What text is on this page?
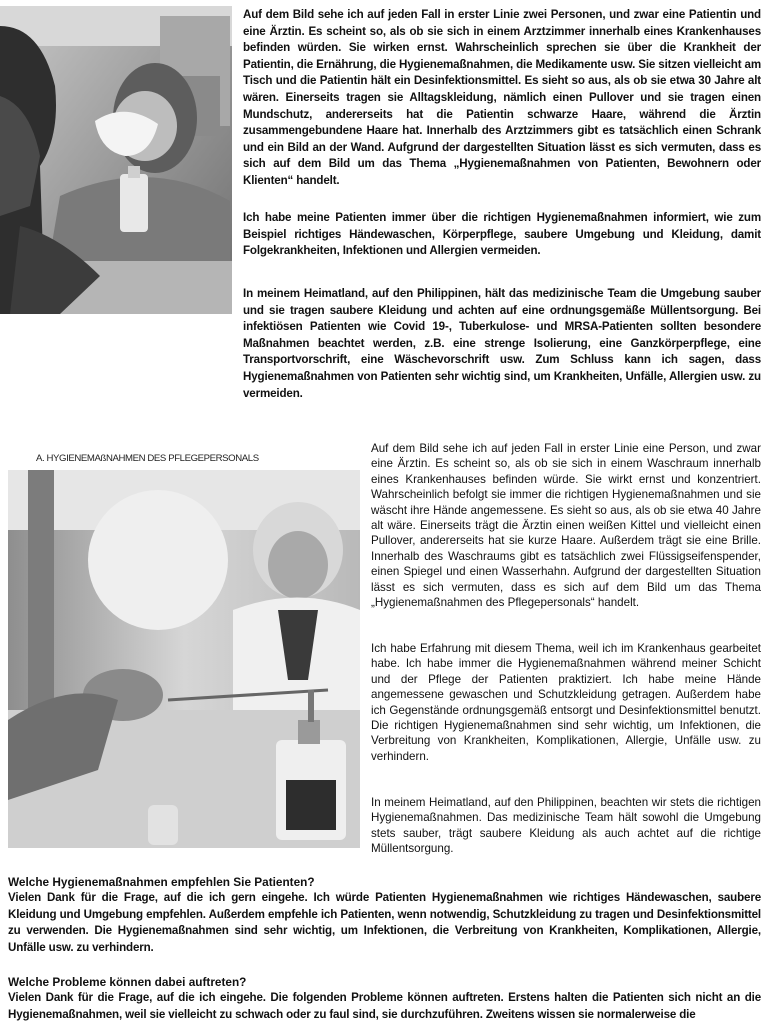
Auf dem Bild sehe ich auf jeden Fall in erster Linie zwei Personen, und zwar eine Patientin und eine Ärztin. Es scheint so, als ob sie sich in einem Arztzimmer innerhalb eines Krankenhauses befinden würden. Sie wirken ernst. Wahrscheinlich sprechen sie über die Krankheit der Patientin, die Ernährung, die Hygienemaßnahmen, die Medikamente usw. Sie sitzen vielleicht am Tisch und die Patientin hält ein Desinfektionsmittel. Es sieht so aus, als ob sie etwa 30 Jahre alt wären. Einerseits tragen sie Alltagskleidung, nämlich einen Pullover und sie tragen einen Mundschutz, andererseits hat die Patientin schwarze Haare, während die Ärztin zusammengebundene Haare hat. Innerhalb des Arztzimmers gibt es tatsächlich einen Schrank und ein Bild an der Wand. Aufgrund der dargestellten Situation lässt es sich vermuten, dass es sich auf dem Bild um das Thema „Hygienemaßnahmen von Patienten, Bewohnern oder Klienten“ handelt.

Ich habe meine Patienten immer über die richtigen Hygienemaßnahmen informiert, wie zum Beispiel richtiges Händewaschen, Körperpflege, saubere Umgebung und Kleidung, damit Folgekrankheiten, Infektionen und Allergien vermeiden.

In meinem Heimatland, auf den Philippinen, hält das medizinische Team die Umgebung sauber und sie tragen saubere Kleidung und achten auf eine ordnungsgemäße Müllentsorgung. Bei infektiösen Patienten wie Covid 19-, Tuberkulose- und MRSA-Patienten sollten besondere Maßnahmen beachtet werden, z.B. eine strenge Isolierung, eine Ganzkörperpflege, eine Transportvorschrift, eine Wäschevorschrift usw. Zum Schluss kann ich sagen, dass Hygienemaßnahmen von Patienten sehr wichtig sind, um Krankheiten, Unfälle, Allergien usw. zu vermeiden.

A. HYGIENEMAßNAHMEN DES PFLEGEPERSONALS

Auf dem Bild sehe ich auf jeden Fall in erster Linie eine Person, und zwar eine Ärztin. Es scheint so, als ob sie sich in einem Waschraum innerhalb eines Krankenhauses befinden würde. Sie wirkt ernst und konzentriert. Wahrscheinlich befolgt sie immer die richtigen Hygienemaßnahmen und sie wäscht ihre Hände angemessene. Es sieht so aus, als ob sie etwa 40 Jahre alt wäre. Einerseits trägt die Ärztin einen weißen Kittel und vielleicht einen Pullover, andererseits hat sie kurze Haare. Außerdem trägt sie eine Brille. Innerhalb des Waschraums gibt es tatsächlich zwei Flüssigseifenspender, einen Spiegel und einen Wasserhahn. Aufgrund der dargestellten Situation lässt es sich vermuten, dass es sich auf dem Bild um das Thema „Hygienemaßnahmen des Pflegepersonals“ handelt.

Ich habe Erfahrung mit diesem Thema, weil ich im Krankenhaus gearbeitet habe. Ich habe immer die Hygienemaßnahmen während meiner Schicht und der Pflege der Patienten praktiziert. Ich habe meine Hände angemessene gewaschen und Schutzkleidung getragen. Außerdem habe ich Gegenstände ordnungsgemäß entsorgt und Desinfektionsmittel benutzt. Die richtigen Hygienemaßnahmen sind sehr wichtig, um Infektionen, die Verbreitung von Krankheiten, Komplikationen, Allergie, Unfälle usw. zu verhindern.

In meinem Heimatland, auf den Philippinen, beachten wir stets die richtigen Hygienemaßnahmen. Das medizinische Team hält sowohl die Umgebung stets sauber, trägt saubere Kleidung als auch achtet auf die richtige Müllentsorgung.

Welche Hygienemaßnahmen empfehlen Sie Patienten?

Vielen Dank für die Frage, auf die ich gern eingehe. Ich würde Patienten Hygienemaßnahmen wie richtiges Händewaschen, saubere Kleidung und Umgebung empfehlen. Außerdem empfehle ich Patienten, wenn notwendig, Schutzkleidung zu tragen und Desinfektionsmittel zu verwenden. Die Hygienemaßnahmen sind sehr wichtig, um Infektionen, die Verbreitung von Krankheiten, Komplikationen, Allergie, Unfälle usw. zu verhindern.

Welche Probleme können dabei auftreten?

Vielen Dank für die Frage, auf die ich eingehe. Die folgenden Probleme können auftreten. Erstens halten die Patienten sich nicht an die Hygienemaßnahmen, weil sie vielleicht zu schwach oder zu faul sind, sie durchzuführen. Zweitens wissen sie normalerweise die
